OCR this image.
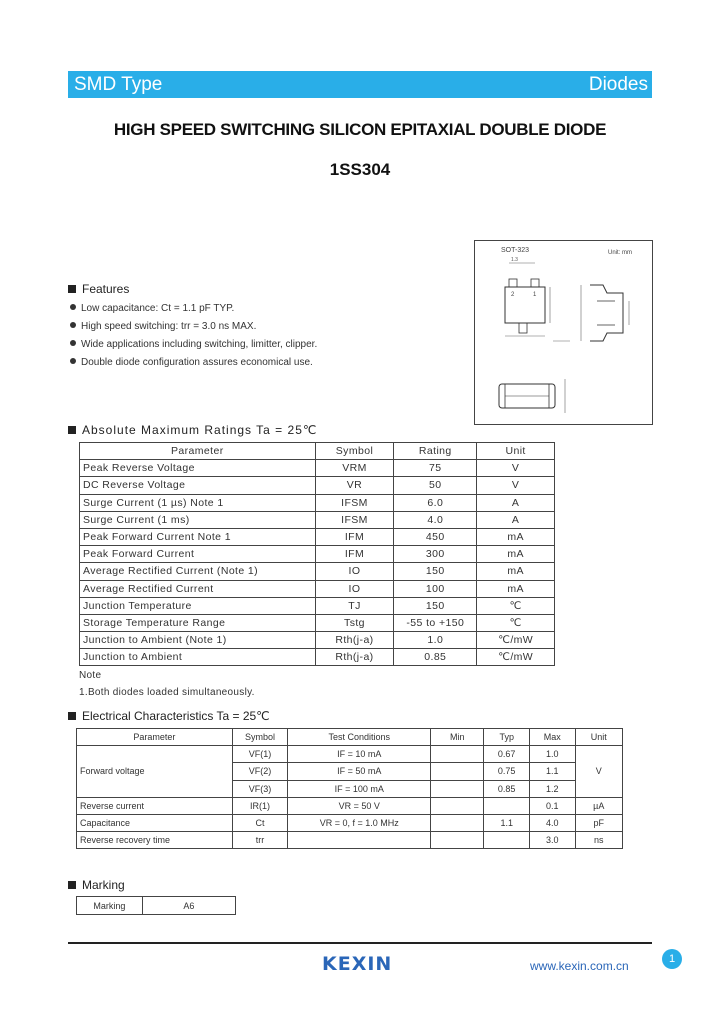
SMD Type	Diodes
HIGH SPEED SWITCHING SILICON EPITAXIAL DOUBLE DIODE
1SS304
Features
Low capacitance: Ct = 1.1 pF TYP.
High speed switching: trr = 3.0 ns MAX.
Wide applications including switching, limitter, clipper.
Double diode configuration assures economical use.
SOT-323	Unit: mm
1.3
2	1
Absolute Maximum Ratings Ta = 25℃
Parameter	Symbol	Rating	Unit
Peak Reverse Voltage	VRM	75	V
DC Reverse Voltage	VR	50	V
Surge Current (1 µs) Note 1	IFSM	6.0	A
Surge Current (1 ms)	IFSM	4.0	A
Peak Forward Current Note 1	IFM	450	mA
Peak Forward Current	IFM	300	mA
Average Rectified Current (Note 1)	IO	150	mA
Average Rectified Current	IO	100	mA
Junction Temperature	TJ	150	℃
Storage Temperature Range	Tstg	-55 to +150	℃
Junction to Ambient (Note 1)	Rth(j-a)	1.0	℃/mW
Junction to Ambient	Rth(j-a)	0.85	℃/mW
Note
1.Both diodes loaded simultaneously.
Electrical Characteristics Ta = 25℃
Parameter	Symbol	Test Conditions	Min	Typ	Max	Unit
Forward voltage	VF(1)	IF = 10 mA		0.67	1.0	V
	VF(2)	IF = 50 mA		0.75	1.1	
	VF(3)	IF = 100 mA		0.85	1.2	
Reverse current	IR(1)	VR = 50 V			0.1	µA
Capacitance	Ct	VR = 0, f = 1.0 MHz		1.1	4.0	pF
Reverse recovery time	trr				3.0	ns
Marking
Marking	A6
KEXIN	www.kexin.com.cn	1
